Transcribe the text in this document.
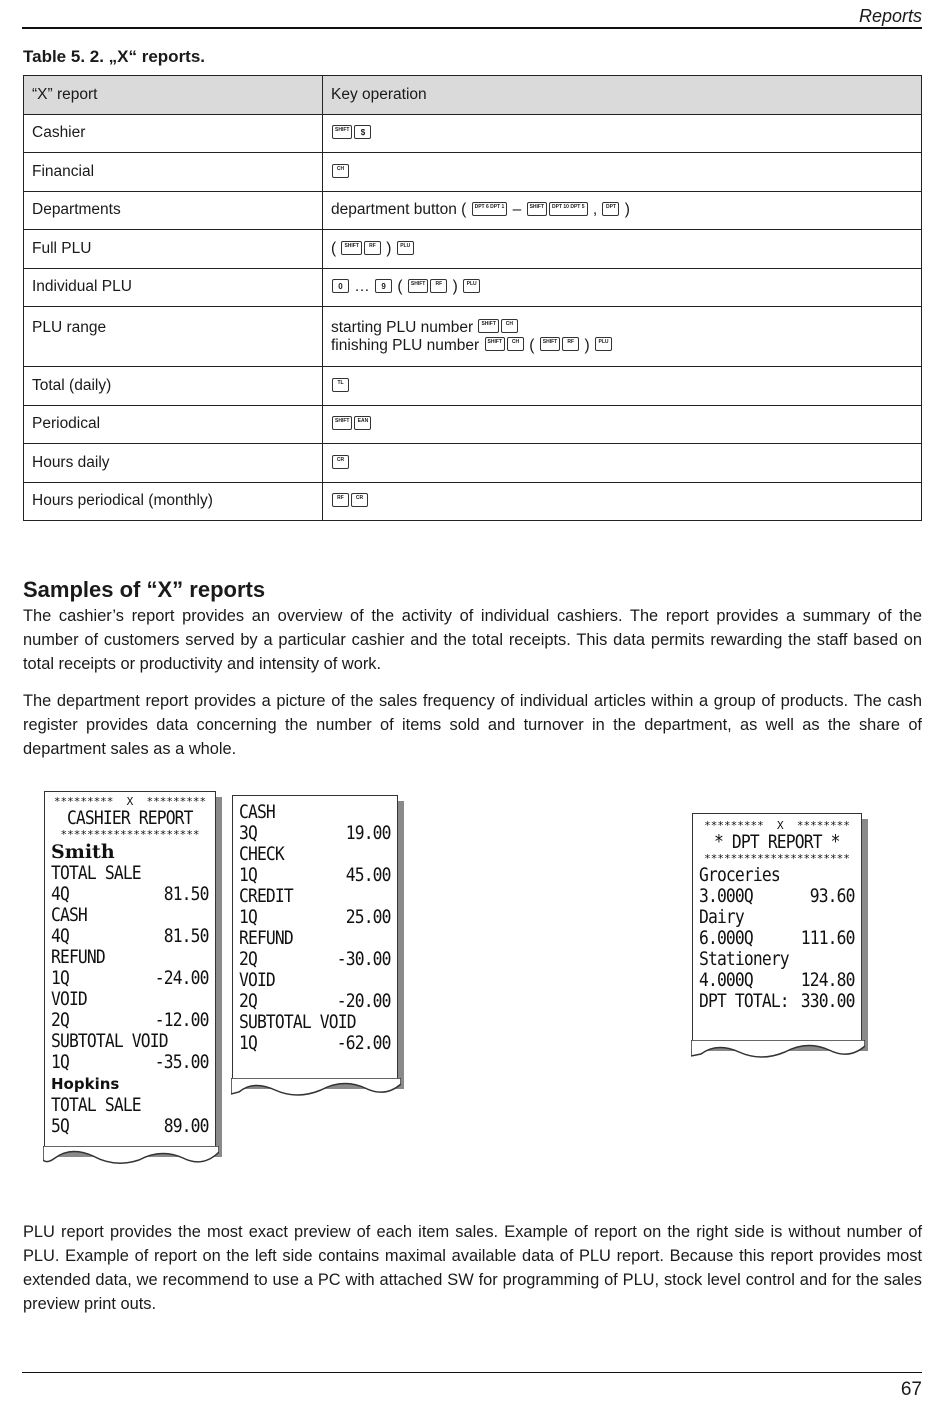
Reports
Table 5. 2. „X“ reports.
“X” report	Key operation
Cashier	SHIFT $
Financial	CH
Departments	department button ( DPT 6 DPT 1 – SHIFT DPT 10 DPT 5 , DPT )
Full PLU	( SHIFT RF ) PLU
Individual PLU	0 … 9 ( SHIFT RF ) PLU
PLU range	starting PLU number SHIFT CH
finishing PLU number SHIFT CH ( SHIFT RF ) PLU

Total (daily)	TL
Periodical	SHIFT EAN
Hours daily	CR
Hours periodical (monthly)	RF CR
Samples of “X” reports

The cashier’s report provides an overview of the activity of individual cashiers. The report provides a summary of the number of customers served by a particular cashier and the total receipts. This data permits rewarding the staff based on total receipts or productivity and intensity of work.

The department report provides a picture of the sales frequency of individual articles within a group of products. The cash register provides data concerning the number of items sold and turnover in the department, as well as the share of department sales as a whole.

*********  X  *********
CASHIER REPORT
*********************
Smith
TOTAL SALE
4Q	81.50
CASH
4Q	81.50
REFUND
1Q	-24.00
VOID
2Q	-12.00
SUBTOTAL VOID
1Q	-35.00
Hopkins
TOTAL SALE
5Q	89.00
CASH
3Q	19.00
CHECK
1Q	45.00
CREDIT
1Q	25.00
REFUND
2Q	-30.00
VOID
2Q	-20.00
SUBTOTAL VOID
1Q	-62.00
*********  X  ********
* DPT REPORT *
**********************
Groceries
3.000Q	93.60
Dairy
6.000Q	111.60
Stationery
4.000Q	124.80
DPT TOTAL: 330.00

PLU report provides the most exact preview of each item sales. Example of report on the right side is without number of PLU. Example of report on the left side contains maximal available data of PLU report. Because this report provides most extended data, we recommend to use a PC with attached SW for programming of PLU, stock level control and for the sales preview print outs.

67
